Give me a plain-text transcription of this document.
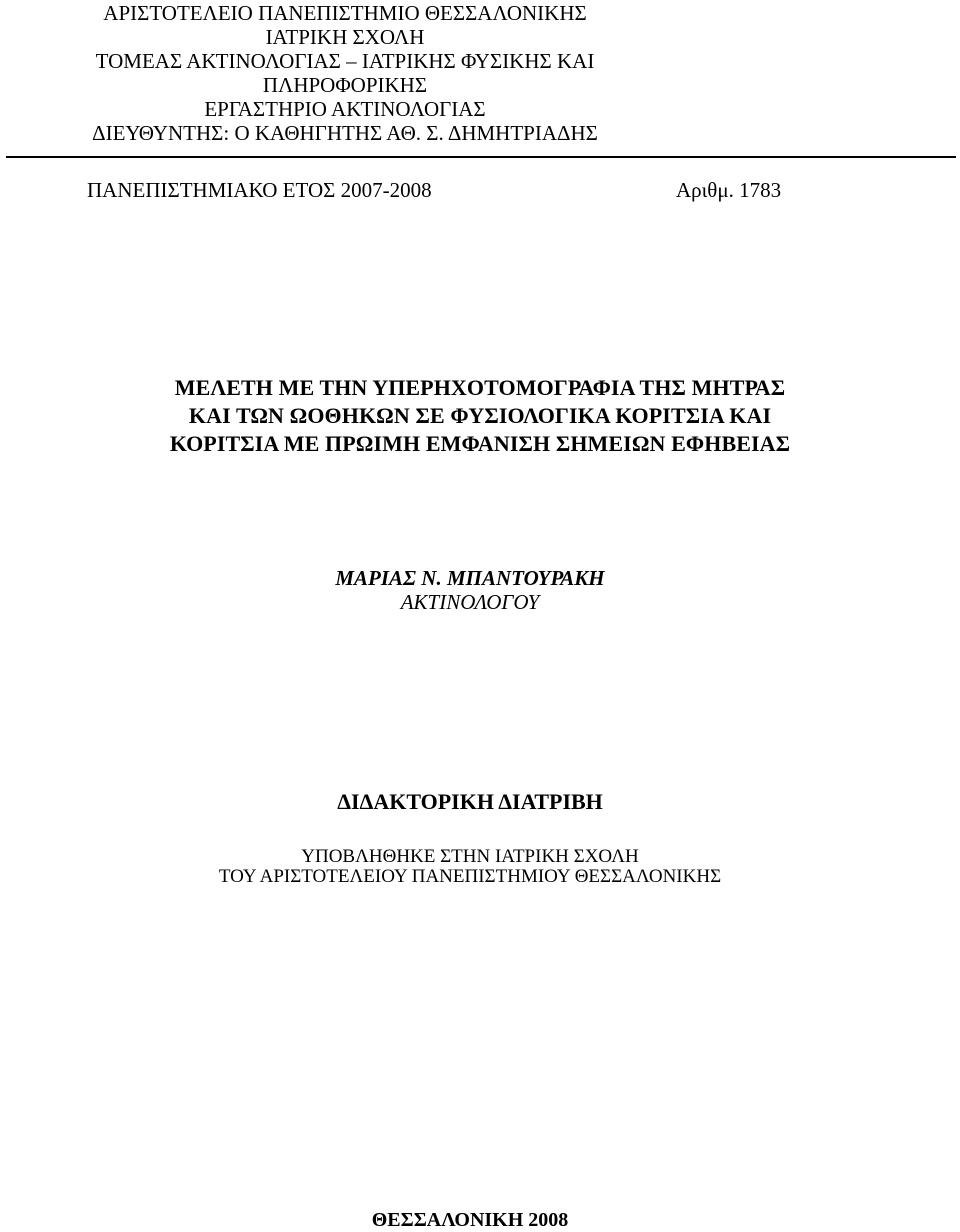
ΑΡΙΣΤΟΤΕΛΕΙΟ ΠΑΝΕΠΙΣΤΗΜΙΟ ΘΕΣΣΑΛΟΝΙΚΗΣ
ΙΑΤΡΙΚΗ ΣΧΟΛΗ
ΤΟΜΕΑΣ ΑΚΤΙΝΟΛΟΓΙΑΣ – ΙΑΤΡΙΚΗΣ ΦΥΣΙΚΗΣ ΚΑΙ
ΠΛΗΡΟΦΟΡΙΚΗΣ
ΕΡΓΑΣΤΗΡΙΟ ΑΚΤΙΝΟΛΟΓΙΑΣ
ΔΙΕΥΘΥΝΤΗΣ: Ο ΚΑΘΗΓΗΤΗΣ ΑΘ. Σ. ΔΗΜΗΤΡΙΑΔΗΣ
ΠΑΝΕΠΙΣΤΗΜΙΑΚΟ ΕΤΟΣ 2007-2008	Αριθμ. 1783
ΜΕΛΕΤΗ ΜΕ ΤΗΝ ΥΠΕΡΗΧΟΤΟΜΟΓΡΑΦΙΑ ΤΗΣ ΜΗΤΡΑΣ
ΚΑΙ ΤΩΝ ΩΟΘΗΚΩΝ ΣΕ ΦΥΣΙΟΛΟΓΙΚΑ ΚΟΡΙΤΣΙΑ ΚΑΙ
ΚΟΡΙΤΣΙΑ ΜΕ ΠΡΩΙΜΗ ΕΜΦΑΝΙΣΗ ΣΗΜΕΙΩΝ ΕΦΗΒΕΙΑΣ
ΜΑΡΙΑΣ Ν. ΜΠΑΝΤΟΥΡΑΚΗ
ΑΚΤΙΝΟΛΟΓΟΥ
ΔΙΔΑΚΤΟΡΙΚΗ ΔΙΑΤΡΙΒΗ
ΥΠΟΒΛΗΘΗΚΕ ΣΤΗΝ ΙΑΤΡΙΚΗ ΣΧΟΛΗ
ΤΟΥ ΑΡΙΣΤΟΤΕΛΕΙΟΥ ΠΑΝΕΠΙΣΤΗΜΙΟΥ ΘΕΣΣΑΛΟΝΙΚΗΣ
ΘΕΣΣΑΛΟΝΙΚΗ 2008
